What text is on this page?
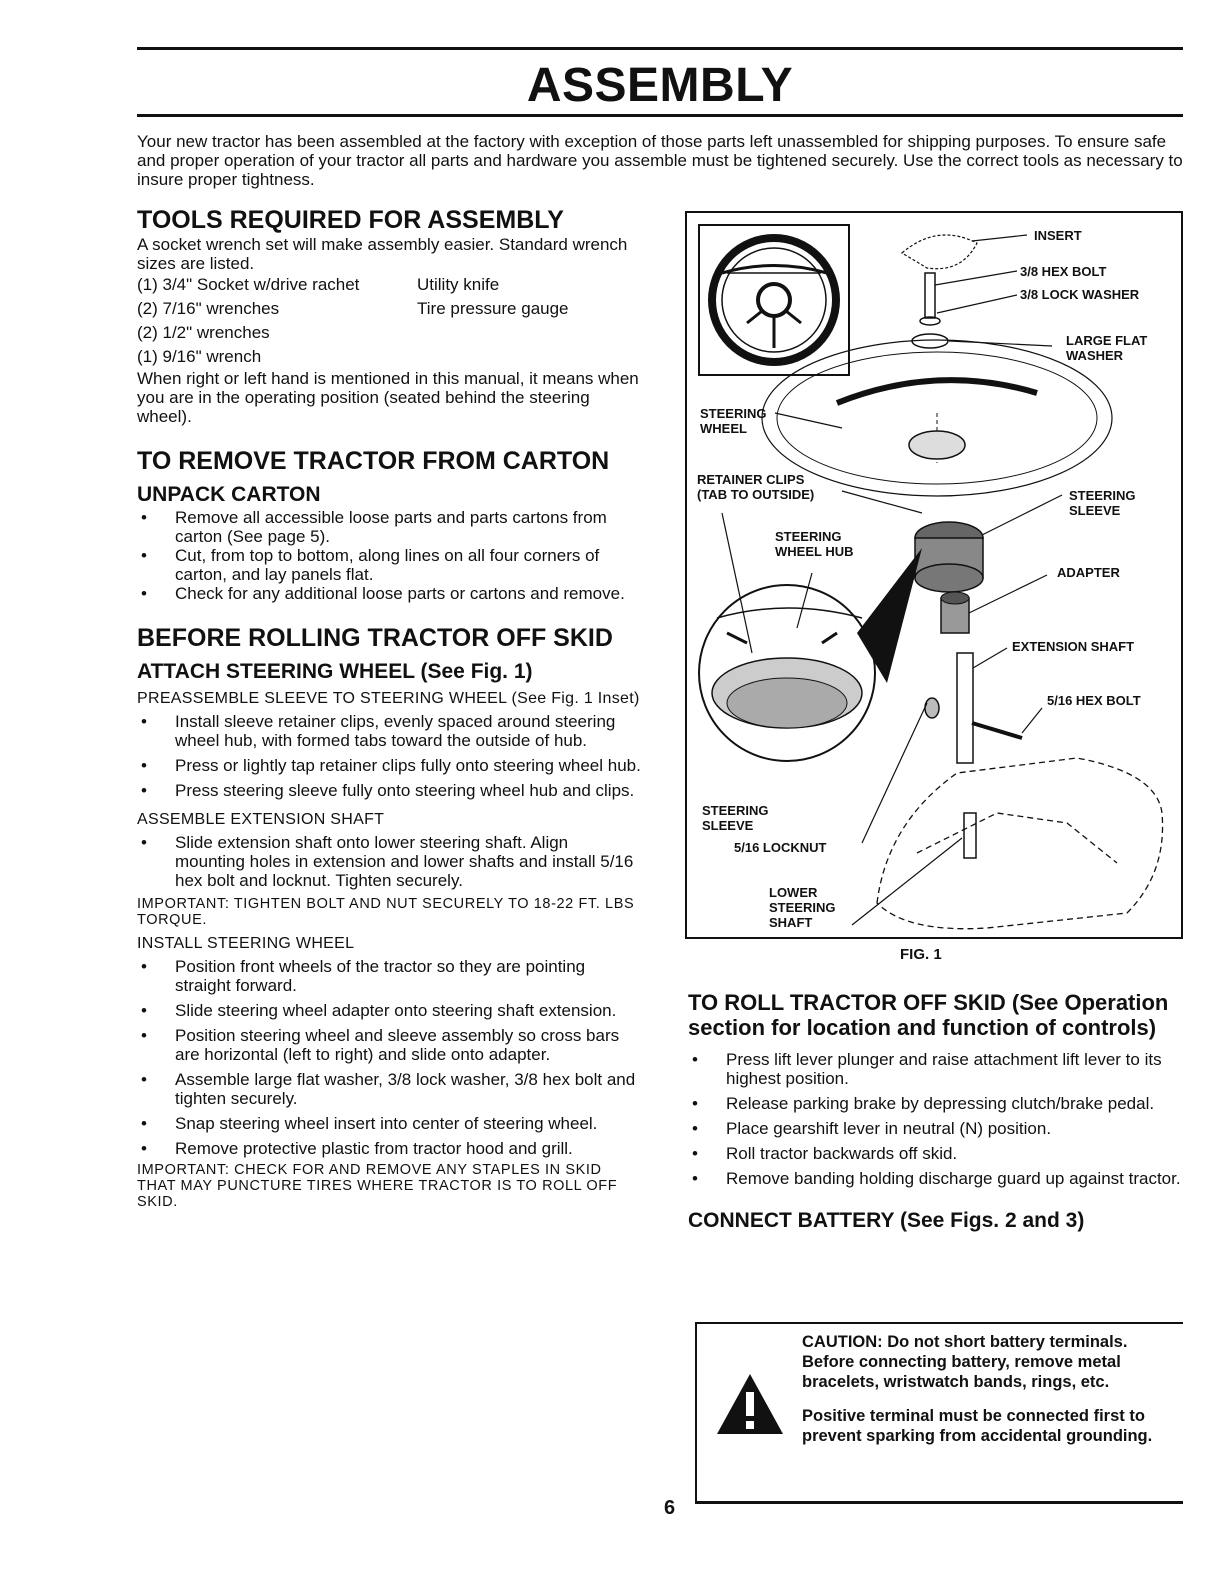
ASSEMBLY

Your new tractor has been assembled at the factory with exception of those parts left unassembled for shipping purposes. To ensure safe and proper operation of your tractor all parts and hardware you assemble must be tightened securely. Use the correct tools as necessary to insure proper tightness.

TOOLS REQUIRED FOR ASSEMBLY

A socket wrench set will make assembly easier. Standard wrench sizes are listed.

(1) 3/4" Socket w/drive rachet	Utility knife
(2) 7/16" wrenches	Tire pressure gauge
(2) 1/2" wrenches
(1) 9/16" wrench

When right or left hand is mentioned in this manual, it means when you are in the operating position (seated behind the steering wheel).

TO REMOVE TRACTOR FROM CARTON
UNPACK CARTON
• Remove all accessible loose parts and parts cartons from carton (See page 5).
• Cut, from top to bottom, along lines on all four corners of carton, and lay panels flat.
• Check for any additional loose parts or cartons and remove.
BEFORE ROLLING TRACTOR OFF SKID
ATTACH STEERING WHEEL (See Fig. 1)

PREASSEMBLE SLEEVE TO STEERING WHEEL (See Fig. 1 Inset)

• Install sleeve retainer clips, evenly spaced around steering wheel hub, with formed tabs toward the outside of hub.
• Press or lightly tap retainer clips fully onto steering wheel hub.
• Press steering sleeve fully onto steering wheel hub and clips.

ASSEMBLE EXTENSION SHAFT

• Slide extension shaft onto lower steering shaft. Align mounting holes in extension and lower shafts and install 5/16 hex bolt and locknut. Tighten securely.

IMPORTANT: TIGHTEN BOLT AND NUT SECURELY TO 18-22 FT. LBS TORQUE.

INSTALL STEERING WHEEL

• Position front wheels of the tractor so they are pointing straight forward.
• Slide steering wheel adapter onto steering shaft extension.
• Position steering wheel and sleeve assembly so cross bars are horizontal (left to right) and slide onto adapter.
• Assemble large flat washer, 3/8 lock washer, 3/8 hex bolt and tighten securely.
• Snap steering wheel insert into center of steering wheel.
• Remove protective plastic from tractor hood and grill.

IMPORTANT: CHECK FOR AND REMOVE ANY STAPLES IN SKID THAT MAY PUNCTURE TIRES WHERE TRACTOR IS TO ROLL OFF SKID.

INSERT
3/8 HEX BOLT
3/8 LOCK WASHER
LARGE FLAT
WASHER
STEERING
WHEEL
RETAINER CLIPS
(TAB TO OUTSIDE)	STEERING
SLEEVE
STEERING
WHEEL HUB
ADAPTER
EXTENSION SHAFT
5/16 HEX BOLT
STEERING
SLEEVE
5/16 LOCKNUT
LOWER
STEERING
SHAFT
FIG. 1
TO ROLL TRACTOR OFF SKID (See Operation section for location and function of controls)
• Press lift lever plunger and raise attachment lift lever to its highest position.
• Release parking brake by depressing clutch/brake pedal.
• Place gearshift lever in neutral (N) position.
• Roll tractor backwards off skid.
• Remove banding holding discharge guard up against tractor.
CONNECT BATTERY (See Figs. 2 and 3)
CAUTION: Do not short battery terminals. Before connecting battery, remove metal bracelets, wristwatch bands, rings, etc.
Positive terminal must be connected first to prevent sparking from accidental grounding.
6
